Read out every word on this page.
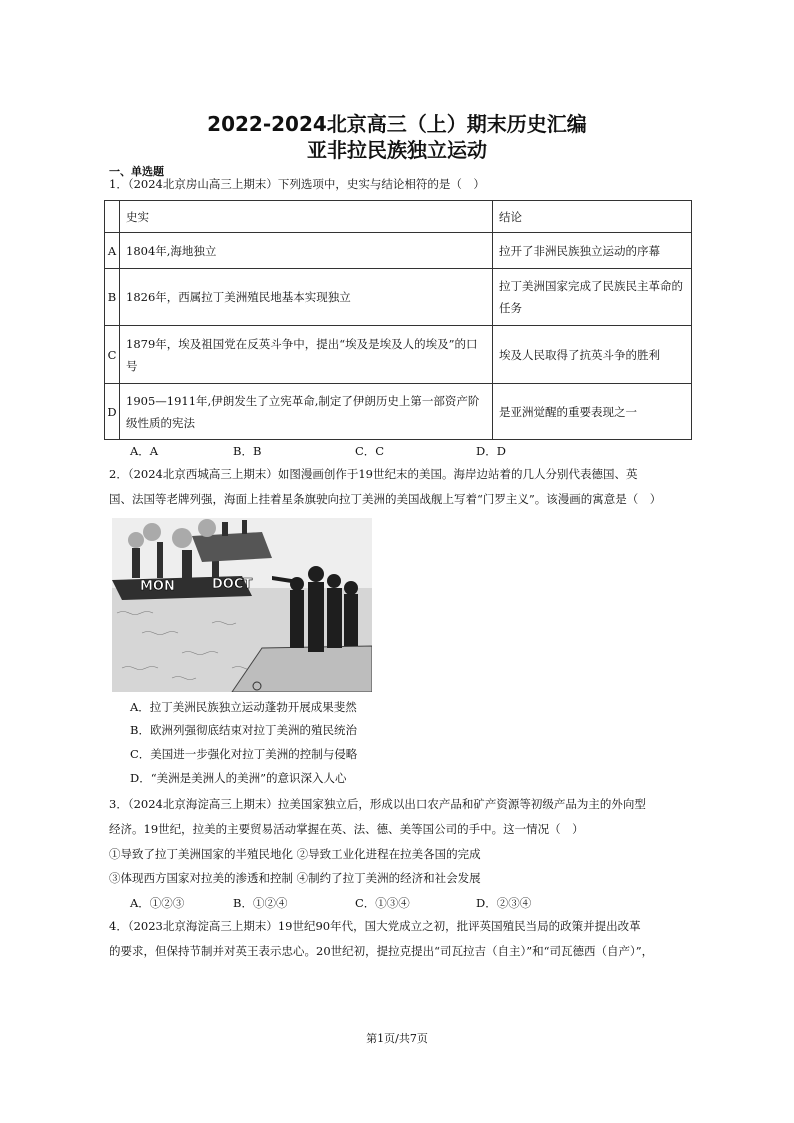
2022-2024北京高三（上）期末历史汇编
亚非拉民族独立运动
一、单选题

1．（2024北京房山高三上期末）下列选项中，史实与结论相符的是（　）

	史实	结论
A	1804年,海地独立	拉开了非洲民族独立运动的序幕
B	1826年，西属拉丁美洲殖民地基本实现独立	拉丁美洲国家完成了民族民主革命的任务
C	1879年，埃及祖国党在反英斗争中，提出“埃及是埃及人的埃及”的口号	埃及人民取得了抗英斗争的胜利
D	1905—1911年,伊朗发生了立宪革命,制定了伊朗历史上第一部资产阶级性质的宪法	是亚洲觉醒的重要表现之一
A．A	B．B	C．C	D．D

2．（2024北京西城高三上期末）如图漫画创作于19世纪末的美国。海岸边站着的几人分别代表德国、英

国、法国等老牌列强，海面上挂着星条旗驶向拉丁美洲的美国战舰上写着“门罗主义”。该漫画的寓意是（　）

MON	DOCT
A．拉丁美洲民族独立运动蓬勃开展成果斐然
B．欧洲列强彻底结束对拉丁美洲的殖民统治
C．美国进一步强化对拉丁美洲的控制与侵略
D．“美洲是美洲人的美洲”的意识深入人心

3．（2024北京海淀高三上期末）拉美国家独立后，形成以出口农产品和矿产资源等初级产品为主的外向型

经济。19世纪，拉美的主要贸易活动掌握在英、法、德、美等国公司的手中。这一情况（　）

①导致了拉丁美洲国家的半殖民地化 ②导致工业化进程在拉美各国的完成

③体现西方国家对拉美的渗透和控制 ④制约了拉丁美洲的经济和社会发展

A．①②③	B．①②④	C．①③④	D．②③④

4．（2023北京海淀高三上期末）19世纪90年代，国大党成立之初，批评英国殖民当局的政策并提出改革

的要求，但保持节制并对英王表示忠心。20世纪初，提拉克提出“司瓦拉吉（自主）”和“司瓦德西（自产）”，

第1页/共7页
